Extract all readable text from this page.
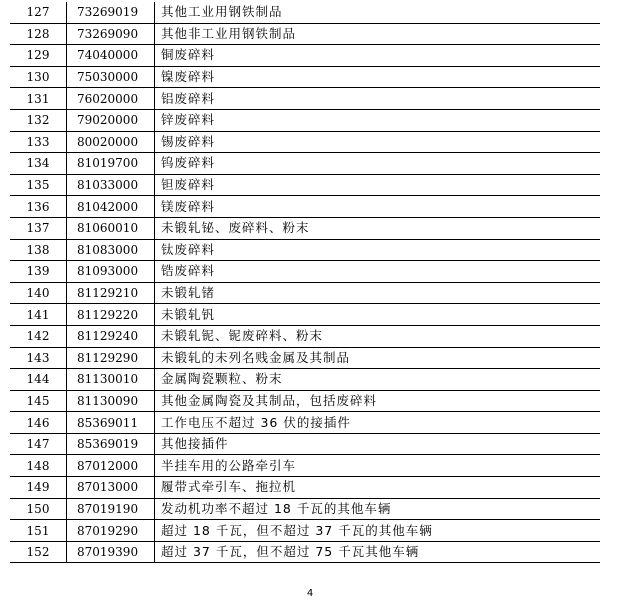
127	73269019	其他工业用钢铁制品
128	73269090	其他非工业用钢铁制品
129	74040000	铜废碎料
130	75030000	镍废碎料
131	76020000	铝废碎料
132	79020000	锌废碎料
133	80020000	锡废碎料
134	81019700	钨废碎料
135	81033000	钽废碎料
136	81042000	镁废碎料
137	81060010	未锻轧铋、废碎料、粉末
138	81083000	钛废碎料
139	81093000	锆废碎料
140	81129210	未锻轧锗
141	81129220	未锻轧钒
142	81129240	未锻轧铌、铌废碎料、粉末
143	81129290	未锻轧的未列名贱金属及其制品
144	81130010	金属陶瓷颗粒、粉末
145	81130090	其他金属陶瓷及其制品，包括废碎料
146	85369011	工作电压不超过 36 伏的接插件
147	85369019	其他接插件
148	87012000	半挂车用的公路牵引车
149	87013000	履带式牵引车、拖拉机
150	87019190	发动机功率不超过 18 千瓦的其他车辆
151	87019290	超过 18 千瓦，但不超过 37 千瓦的其他车辆
152	87019390	超过 37 千瓦，但不超过 75 千瓦其他车辆
4
